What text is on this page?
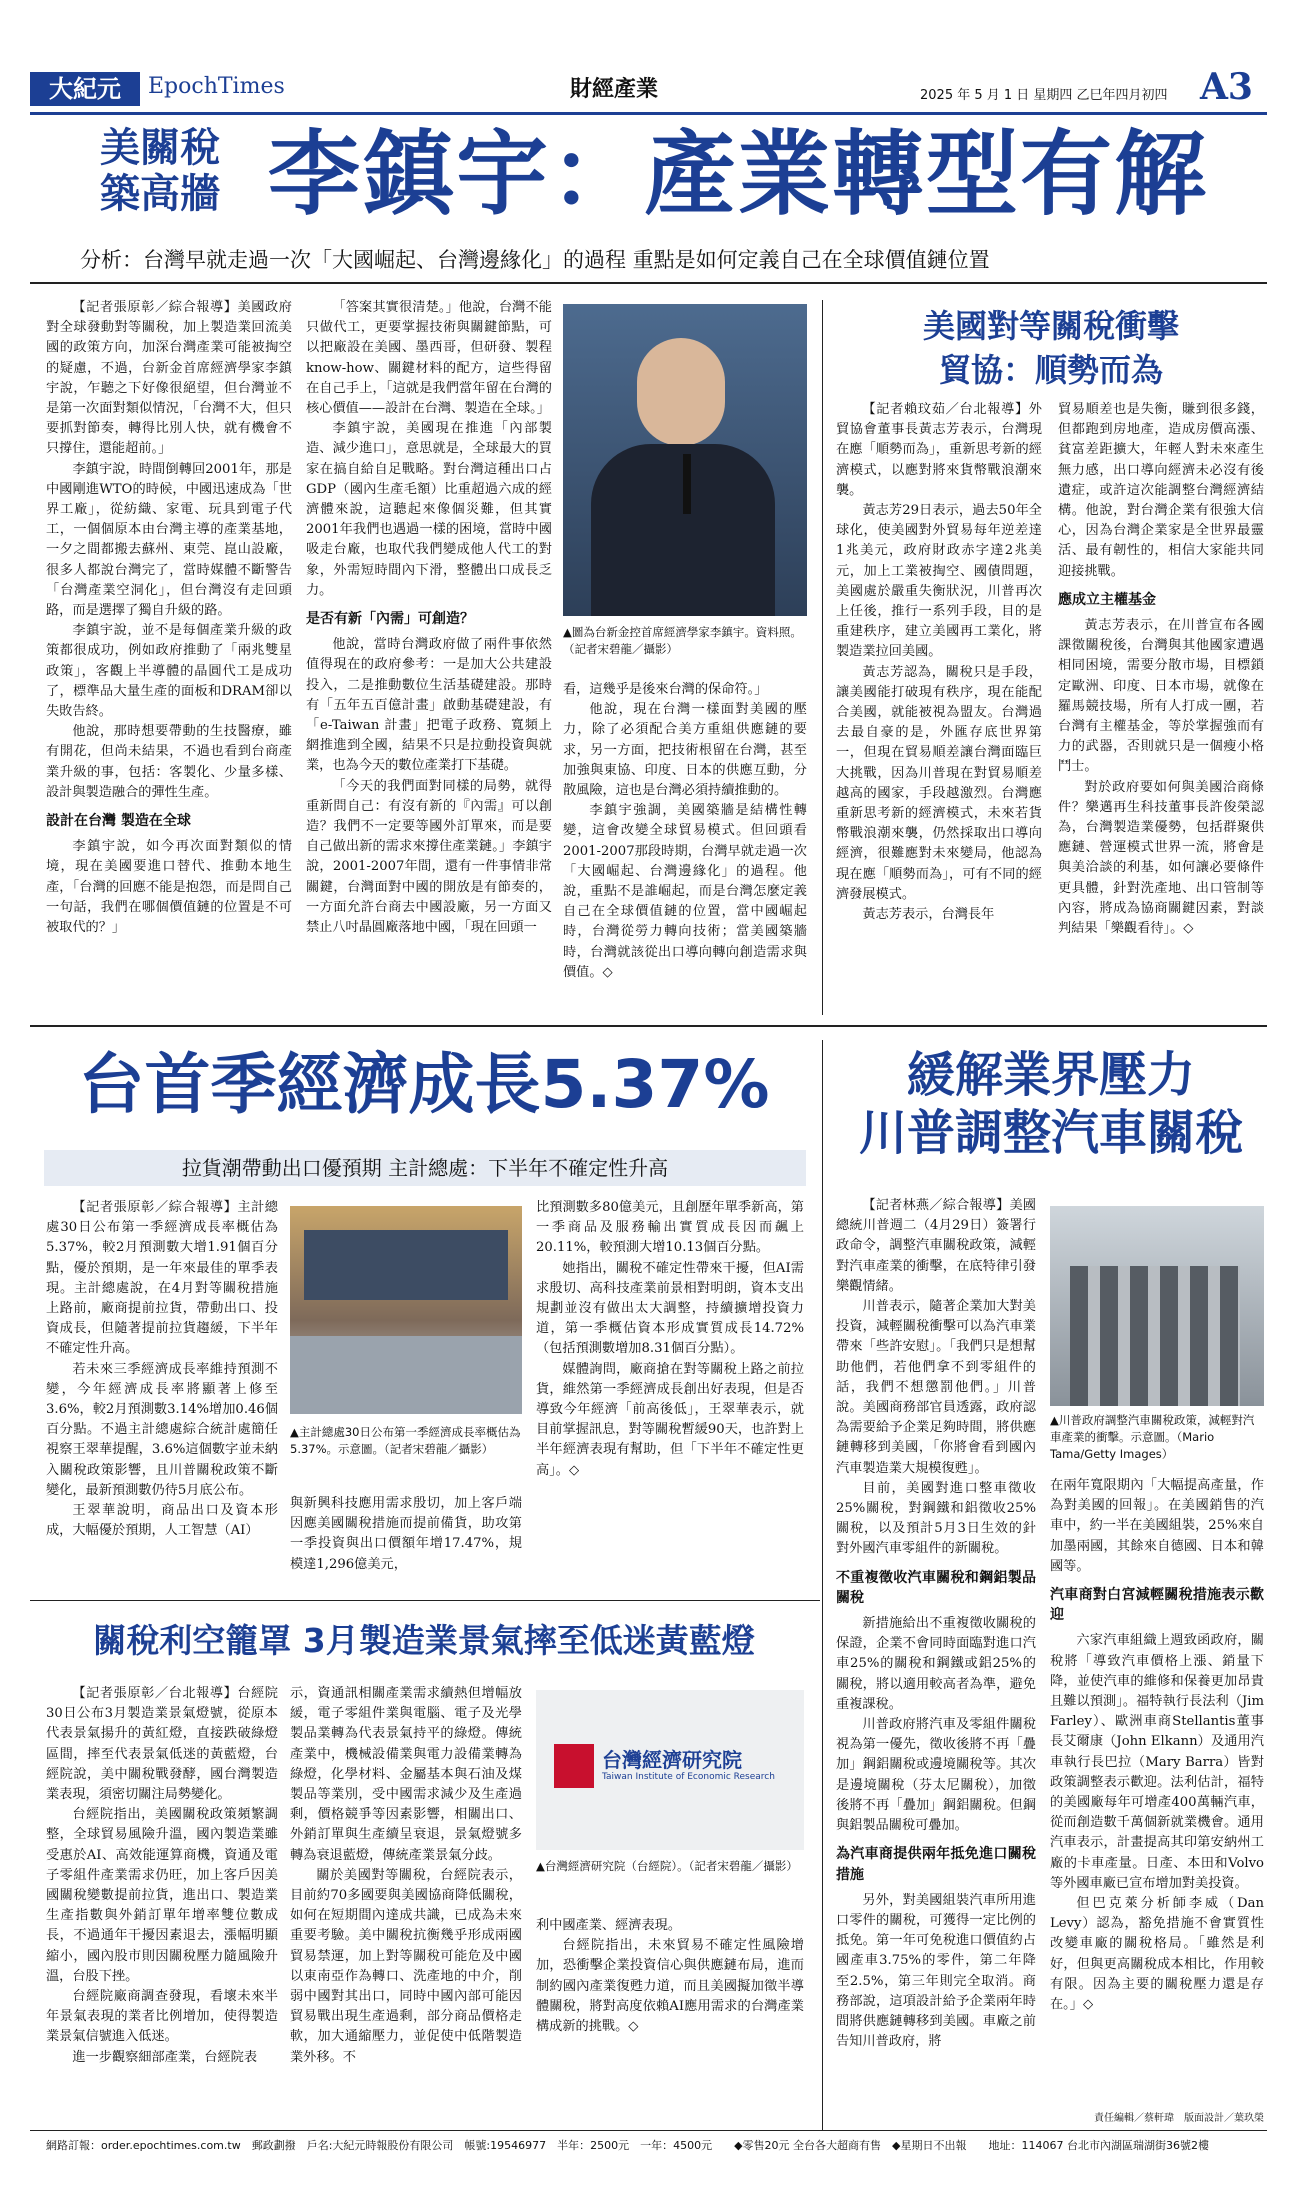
大紀元	EpochTimes	財經產業	2025 年 5 月 1 日 星期四 乙巳年四月初四 A3
美關稅
築高牆 李鎮宇：產業轉型有解
分析：台灣早就走過一次「大國崛起、台灣邊緣化」的過程 重點是如何定義自己在全球價值鏈位置

【記者張原彰／綜合報導】美國政府對全球發動對等關稅，加上製造業回流美國的政策方向，加深台灣產業可能被掏空的疑慮，不過，台新金首席經濟學家李鎮宇說，乍聽之下好像很絕望，但台灣並不是第一次面對類似情況，「台灣不大，但只要抓對節奏，轉得比別人快，就有機會不只撐住，還能超前。」

李鎮宇說，時間倒轉回2001年，那是中國剛進WTO的時候，中國迅速成為「世界工廠」，從紡織、家電、玩具到電子代工，一個個原本由台灣主導的產業基地，一夕之間都搬去蘇州、東莞、崑山設廠，很多人都說台灣完了，當時媒體不斷警告「台灣產業空洞化」，但台灣沒有走回頭路，而是選擇了獨自升級的路。

李鎮宇說，並不是每個產業升級的政策都很成功，例如政府推動了「兩兆雙星政策」，客觀上半導體的晶圓代工是成功了，標準品大量生產的面板和DRAM卻以失敗告終。

他說，那時想要帶動的生技醫療，雖有開花，但尚未結果，不過也看到台商產業升級的事，包括：客製化、少量多樣、設計與製造融合的彈性生產。

設計在台灣 製造在全球

李鎮宇說，如今再次面對類似的情境，現在美國要進口替代、推動本地生產，「台灣的回應不能是抱怨，而是問自己一句話，我們在哪個價值鏈的位置是不可被取代的？」

「答案其實很清楚。」他說，台灣不能只做代工，更要掌握技術與關鍵節點，可以把廠設在美國、墨西哥，但研發、製程 know-how、關鍵材料的配方，這些得留在自己手上，「這就是我們當年留在台灣的核心價值——設計在台灣、製造在全球。」

李鎮宇說，美國現在推進「內部製造、減少進口」，意思就是，全球最大的買家在搞自給自足戰略。對台灣這種出口占GDP（國內生產毛額）比重超過六成的經濟體來說，這聽起來像個災難，但其實2001年我們也遇過一樣的困境，當時中國吸走台廠，也取代我們變成他人代工的對象，外需短時間內下滑，整體出口成長乏力。

是否有新「內需」可創造？

他說，當時台灣政府做了兩件事依然值得現在的政府參考：一是加大公共建設投入，二是推動數位生活基礎建設。那時有「五年五百億計畫」啟動基礎建設，有「e-Taiwan 計畫」把電子政務、寬頻上網推進到全國，結果不只是拉動投資與就業，也為今天的數位產業打下基礎。

「今天的我們面對同樣的局勢，就得重新問自己：有沒有新的『內需』可以創造？我們不一定要等國外訂單來，而是要自己做出新的需求來撐住產業鏈。」李鎮宇說，2001-2007年間，還有一件事情非常關鍵，台灣面對中國的開放是有節奏的，一方面允許台商去中國設廠，另一方面又禁止八吋晶圓廠落地中國，「現在回頭一

▲圖為台新金控首席經濟學家李鎮宇。資料照。（記者宋碧龍／攝影）

看，這幾乎是後來台灣的保命符。」

他說，現在台灣一樣面對美國的壓力，除了必須配合美方重組供應鏈的要求，另一方面，把技術根留在台灣，甚至加強與東協、印度、日本的供應互動，分散風險，這也是台灣必須持續推動的。

李鎮宇強調，美國築牆是結構性轉變，這會改變全球貿易模式。但回頭看2001-2007那段時期，台灣早就走過一次「大國崛起、台灣邊緣化」的過程。他說，重點不是誰崛起，而是台灣怎麼定義自己在全球價值鏈的位置，當中國崛起時，台灣從勞力轉向技術；當美國築牆時，台灣就該從出口導向轉向創造需求與價值。◇

美國對等關稅衝擊
貿協：順勢而為

【記者賴玟茹／台北報導】外貿協會董事長黃志芳表示，台灣現在應「順勢而為」，重新思考新的經濟模式，以應對將來貨幣戰浪潮來襲。

黃志芳29日表示，過去50年全球化，使美國對外貿易每年逆差達1兆美元，政府財政赤字達2兆美元，加上工業被掏空、國債問題，美國處於嚴重失衡狀況，川普再次上任後，推行一系列手段，目的是重建秩序，建立美國再工業化，將製造業拉回美國。

黃志芳認為，關稅只是手段，讓美國能打破現有秩序，現在能配合美國，就能被視為盟友。台灣過去最自豪的是，外匯存底世界第一，但現在貿易順差讓台灣面臨巨大挑戰，因為川普現在對貿易順差越高的國家，手段越激烈。台灣應重新思考新的經濟模式，未來若貨幣戰浪潮來襲，仍然採取出口導向經濟，很難應對未來變局，他認為現在應「順勢而為」，可有不同的經濟發展模式。

黃志芳表示，台灣長年

貿易順差也是失衡，賺到很多錢，但都跑到房地產，造成房價高漲、貧富差距擴大，年輕人對未來產生無力感，出口導向經濟未必沒有後遺症，或許這次能調整台灣經濟結構。他說，對台灣企業有很強大信心，因為台灣企業家是全世界最靈活、最有韌性的，相信大家能共同迎接挑戰。

應成立主權基金

黃志芳表示，在川普宣布各國課徵關稅後，台灣與其他國家遭遇相同困境，需要分散市場，目標鎖定歐洲、印度、日本市場，就像在羅馬競技場，所有人打成一團，若台灣有主權基金，等於掌握強而有力的武器，否則就只是一個瘦小格鬥士。

對於政府要如何與美國洽商條件？樂邁再生科技董事長許俊榮認為，台灣製造業優勢，包括群聚供應鏈、營運模式世界一流，將會是與美洽談的利基，如何讓必要條件更具體，針對洗產地、出口管制等內容，將成為協商關鍵因素，對談判結果「樂觀看待」。◇

台首季經濟成長5.37%
拉貨潮帶動出口優預期 主計總處：下半年不確定性升高

【記者張原彰／綜合報導】主計總處30日公布第一季經濟成長率概估為5.37%，較2月預測數大增1.91個百分點，優於預期，是一年來最佳的單季表現。主計總處說，在4月對等關稅措施上路前，廠商提前拉貨，帶動出口、投資成長，但隨著提前拉貨趨緩，下半年不確定性升高。

若未來三季經濟成長率維持預測不變，今年經濟成長率將顯著上修至3.6%，較2月預測數3.14%增加0.46個百分點。不過主計總處綜合統計處簡任視察王翠華提醒，3.6%這個數字並未納入關稅政策影響，且川普關稅政策不斷變化，最新預測數仍待5月底公布。

王翠華說明，商品出口及資本形成，大幅優於預期，人工智慧（AI）

▲主計總處30日公布第一季經濟成長率概估為5.37%。示意圖。（記者宋碧龍／攝影）

與新興科技應用需求殷切，加上客戶端因應美國關稅措施而提前備貨，助攻第一季投資與出口價額年增17.47%，規模達1,296億美元，

比預測數多80億美元，且創歷年單季新高，第一季商品及服務輸出實質成長因而飆上20.11%，較預測大增10.13個百分點。

她指出，關稅不確定性帶來干擾，但AI需求殷切、高科技產業前景相對明朗，資本支出規劃並沒有做出太大調整，持續擴增投資力道，第一季概估資本形成實質成長14.72%（包括預測數增加8.31個百分點）。

媒體詢問，廠商搶在對等關稅上路之前拉貨，維然第一季經濟成長創出好表現，但是否導致今年經濟「前高後低」，王翠華表示，就目前掌握訊息，對等關稅暫緩90天，也許對上半年經濟表現有幫助，但「下半年不確定性更高」。◇

關稅利空籠罩 3月製造業景氣摔至低迷黃藍燈

【記者張原彰／台北報導】台經院30日公布3月製造業景氣燈號，從原本代表景氣揚升的黃紅燈，直接跌破綠燈區間，摔至代表景氣低迷的黃藍燈，台經院說，美中關稅戰發酵，國台灣製造業表現，須密切關注局勢變化。

台經院指出，美國關稅政策頻繁調整，全球貿易風險升溫，國內製造業雖受惠於AI、高效能運算商機，資通及電子零組件產業需求仍旺，加上客戶因美國關稅變數提前拉貨，進出口、製造業生產指數與外銷訂單年增率雙位數成長，不過通年干擾因素退去，漲幅明顯縮小，國內股市則因關稅壓力隨風險升溫，台股下挫。

台經院廠商調查發現，看壞未來半年景氣表現的業者比例增加，使得製造業景氣信號進入低迷。

進一步觀察細部產業，台經院表

示，資通訊相關產業需求續熱但增幅放緩，電子零組件業與電腦、電子及光學製品業轉為代表景氣持平的綠燈。傳統產業中，機械設備業與電力設備業轉為綠燈，化學材料、金屬基本與石油及煤製品等業別，受中國需求減少及生產過剩，價格競爭等因素影響，相關出口、外銷訂單與生產續呈衰退，景氣燈號多轉為衰退藍燈，傳統產業景氣分歧。

關於美國對等關稅，台經院表示，目前約70多國要與美國協商降低關稅，如何在短期間內達成共識，已成為未來重要考驗。美中關稅抗衡幾乎形成兩國貿易禁運，加上對等關稅可能危及中國以東南亞作為轉口、洗產地的中介，削弱中國對其出口，同時中國內部可能因貿易戰出現生產過剩，部分商品價格走軟，加大通縮壓力，並促使中低階製造業外移。不

台灣經濟研究院
Taiwan Institute of Economic Research
▲台灣經濟研究院（台經院）。（記者宋碧龍／攝影）

利中國產業、經濟表現。

台經院指出，未來貿易不確定性風險增加，恐衝擊企業投資信心與供應鏈布局，進而制約國內產業復甦力道，而且美國擬加徵半導體關稅，將對高度依賴AI應用需求的台灣產業構成新的挑戰。◇

緩解業界壓力
川普調整汽車關稅

【記者林燕／綜合報導】美國總統川普週二（4月29日）簽署行政命令，調整汽車關稅政策，減輕對汽車產業的衝擊，在底特律引發樂觀情緒。

川普表示，隨著企業加大對美投資，減輕關稅衝擊可以為汽車業帶來「些許安慰」。「我們只是想幫助他們，若他們拿不到零組件的話，我們不想懲罰他們。」川普說。美國商務部官員透露，政府認為需要給予企業足夠時間，將供應鏈轉移到美國，「你將會看到國內汽車製造業大規模復甦」。

目前，美國對進口整車徵收25%關稅，對鋼鐵和鋁徵收25%關稅，以及預計5月3日生效的針對外國汽車零組件的新關稅。

不重複徵收汽車關稅和鋼鋁製品關稅

新措施給出不重複徵收關稅的保證，企業不會同時面臨對進口汽車25%的關稅和鋼鐵或鋁25%的關稅，將以適用較高者為準，避免重複課稅。

川普政府將汽車及零組件關稅視為第一優先，徵收後將不再「疊加」鋼鋁關稅或邊境關稅等。其次是邊境關稅（芬太尼關稅），加徵後將不再「疊加」鋼鋁關稅。但鋼與鋁製品關稅可疊加。

為汽車商提供兩年抵免進口關稅措施

另外，對美國組裝汽車所用進口零件的關稅，可獲得一定比例的抵免。第一年可免稅進口價值約占國產車3.75%的零件，第二年降至2.5%，第三年則完全取消。商務部說，這項設計給予企業兩年時間將供應鏈轉移到美國。車廠之前告知川普政府，將

▲川普政府調整汽車關稅政策，減輕對汽車產業的衝擊。示意圖。（Mario Tama/Getty Images）

在兩年寬限期內「大幅提高產量，作為對美國的回報」。在美國銷售的汽車中，約一半在美國組裝，25%來自加墨兩國，其餘來自德國、日本和韓國等。

汽車商對白宮減輕關稅措施表示歡迎

六家汽車組織上週致函政府，關稅將「導致汽車價格上漲、銷量下降，並使汽車的維修和保養更加昂貴且難以預測」。福特執行長法利（Jim Farley）、歐洲車商Stellantis董事長艾爾康（John Elkann）及通用汽車執行長巴拉（Mary Barra）皆對政策調整表示歡迎。法利估計，福特的美國廠每年可增產400萬輛汽車，從而創造數千萬個新就業機會。通用汽車表示，計畫提高其印第安納州工廠的卡車產量。日產、本田和Volvo等外國車廠已宣布增加對美投資。

但巴克萊分析師李威（Dan Levy）認為，豁免措施不會實質性改變車廠的關稅格局。「雖然是利好，但與更高關稅成本相比，作用較有限。因為主要的關稅壓力還是存在。」◇

責任編輯／蔡軒瑋　版面設計／葉玖榮
網路訂報：order.epochtimes.com.tw　郵政劃撥　戶名:大紀元時報股份有限公司　帳號:19546977　半年：2500元　一年：4500元　　◆零售20元 全台各大超商有售　◆星期日不出報　　地址：114067 台北市內湖區瑞湖街36號2樓
